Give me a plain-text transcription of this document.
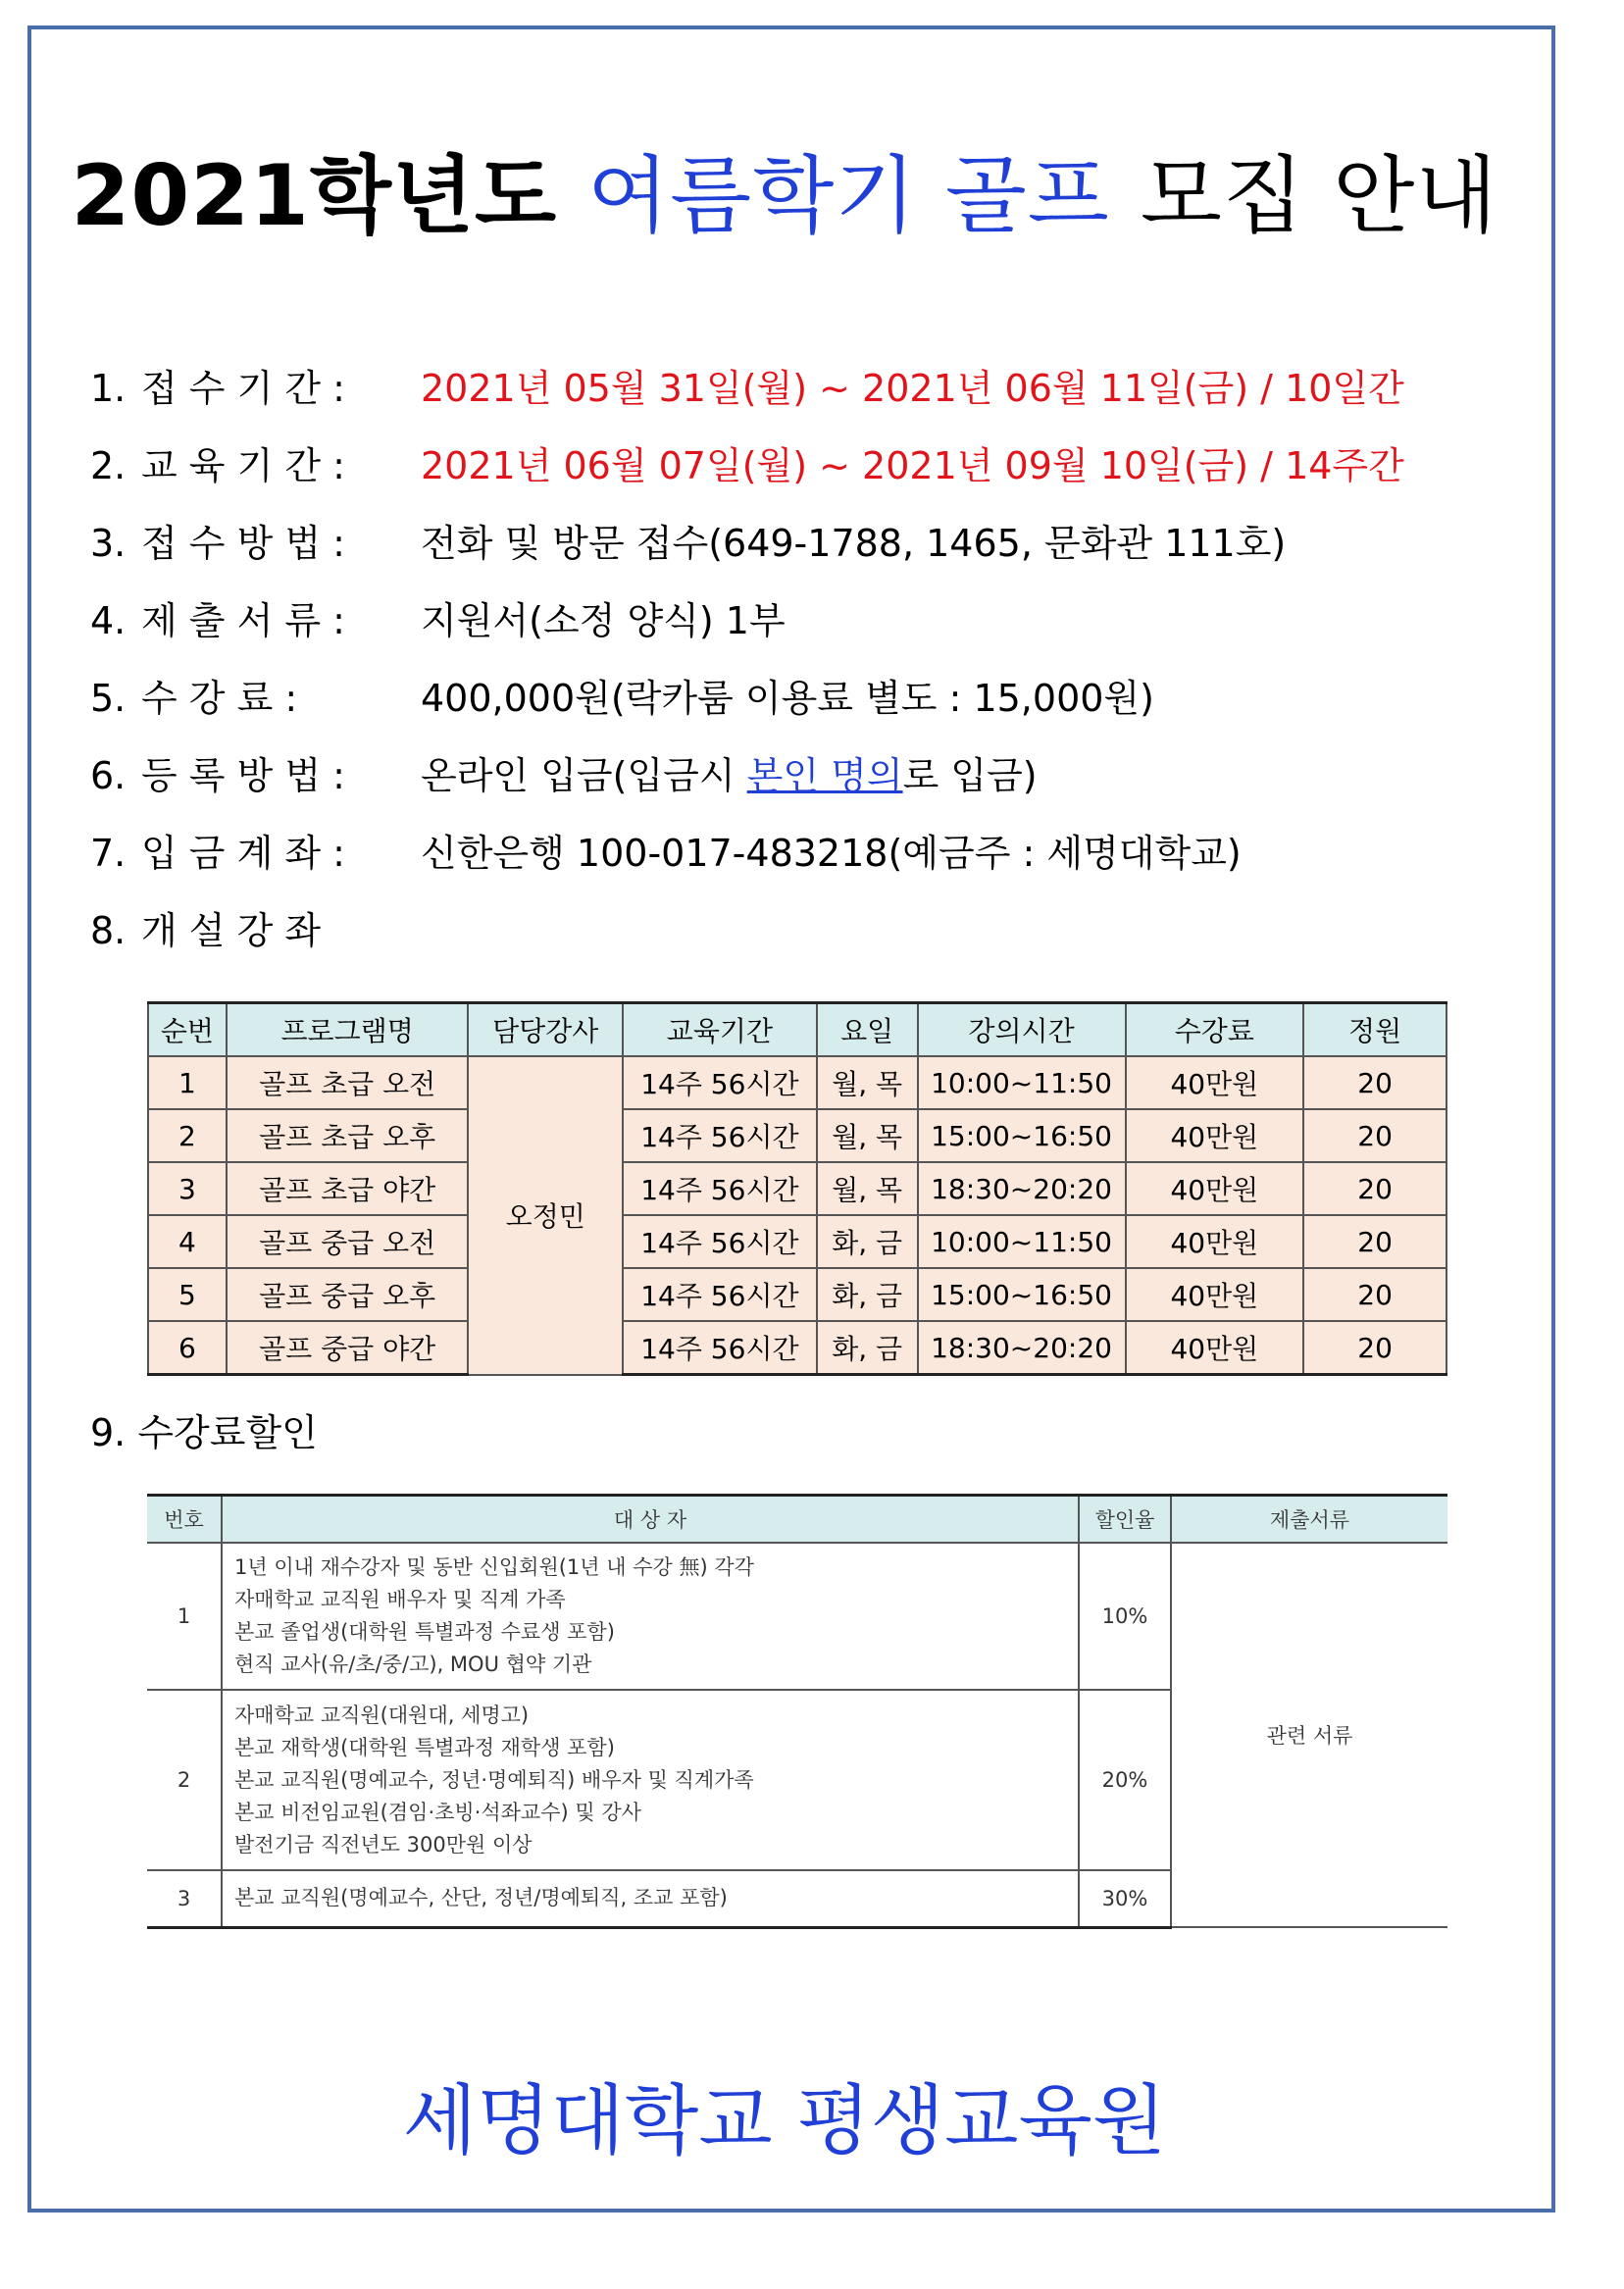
2021학년도 여름학기 골프 모집 안내
1. 접 수 기 간 : 2021년 05월 31일(월) ~ 2021년 06월 11일(금) / 10일간
2. 교 육 기 간 : 2021년 06월 07일(월) ~ 2021년 09월 10일(금) / 14주간
3. 접 수 방 법 : 전화 및 방문 접수(649-1788, 1465, 문화관 111호)
4. 제 출 서 류 : 지원서(소정 양식) 1부
5. 수 강 료 :	400,000원(락카룸 이용료 별도 : 15,000원)
6. 등 록 방 법 : 온라인 입금(입금시 본인 명의로 입금)
7. 입 금 계 좌 : 신한은행 100-017-483218(예금주 : 세명대학교)
8. 개 설 강 좌
순번	프로그램명	담당강사	교육기간	요일	강의시간	수강료	정원
1	골프 초급 오전	오정민	14주 56시간	월, 목	10:00~11:50	40만원	20
2	골프 초급 오후		14주 56시간	월, 목	15:00~16:50	40만원	20
3	골프 초급 야간		14주 56시간	월, 목	18:30~20:20	40만원	20
4	골프 중급 오전		14주 56시간	화, 금	10:00~11:50	40만원	20
5	골프 중급 오후		14주 56시간	화, 금	15:00~16:50	40만원	20
6	골프 중급 야간		14주 56시간	화, 금	18:30~20:20	40만원	20
9. 수강료할인
번호	대 상 자	할인율	제출서류
1	1년 이내 재수강자 및 동반 신입회원(1년 내 수강 無) 각각
자매학교 교직원 배우자 및 직계 가족
본교 졸업생(대학원 특별과정 수료생 포함)
현직 교사(유/초/중/고), MOU 협약 기관	10%	관련 서류
2	자매학교 교직원(대원대, 세명고)
본교 재학생(대학원 특별과정 재학생 포함)
본교 교직원(명예교수, 정년·명예퇴직) 배우자 및 직계가족
본교 비전임교원(겸임·초빙·석좌교수) 및 강사
발전기금 직전년도 300만원 이상	20%	
3	본교 교직원(명예교수, 산단, 정년/명예퇴직, 조교 포함)	30%	
세명대학교 평생교육원
